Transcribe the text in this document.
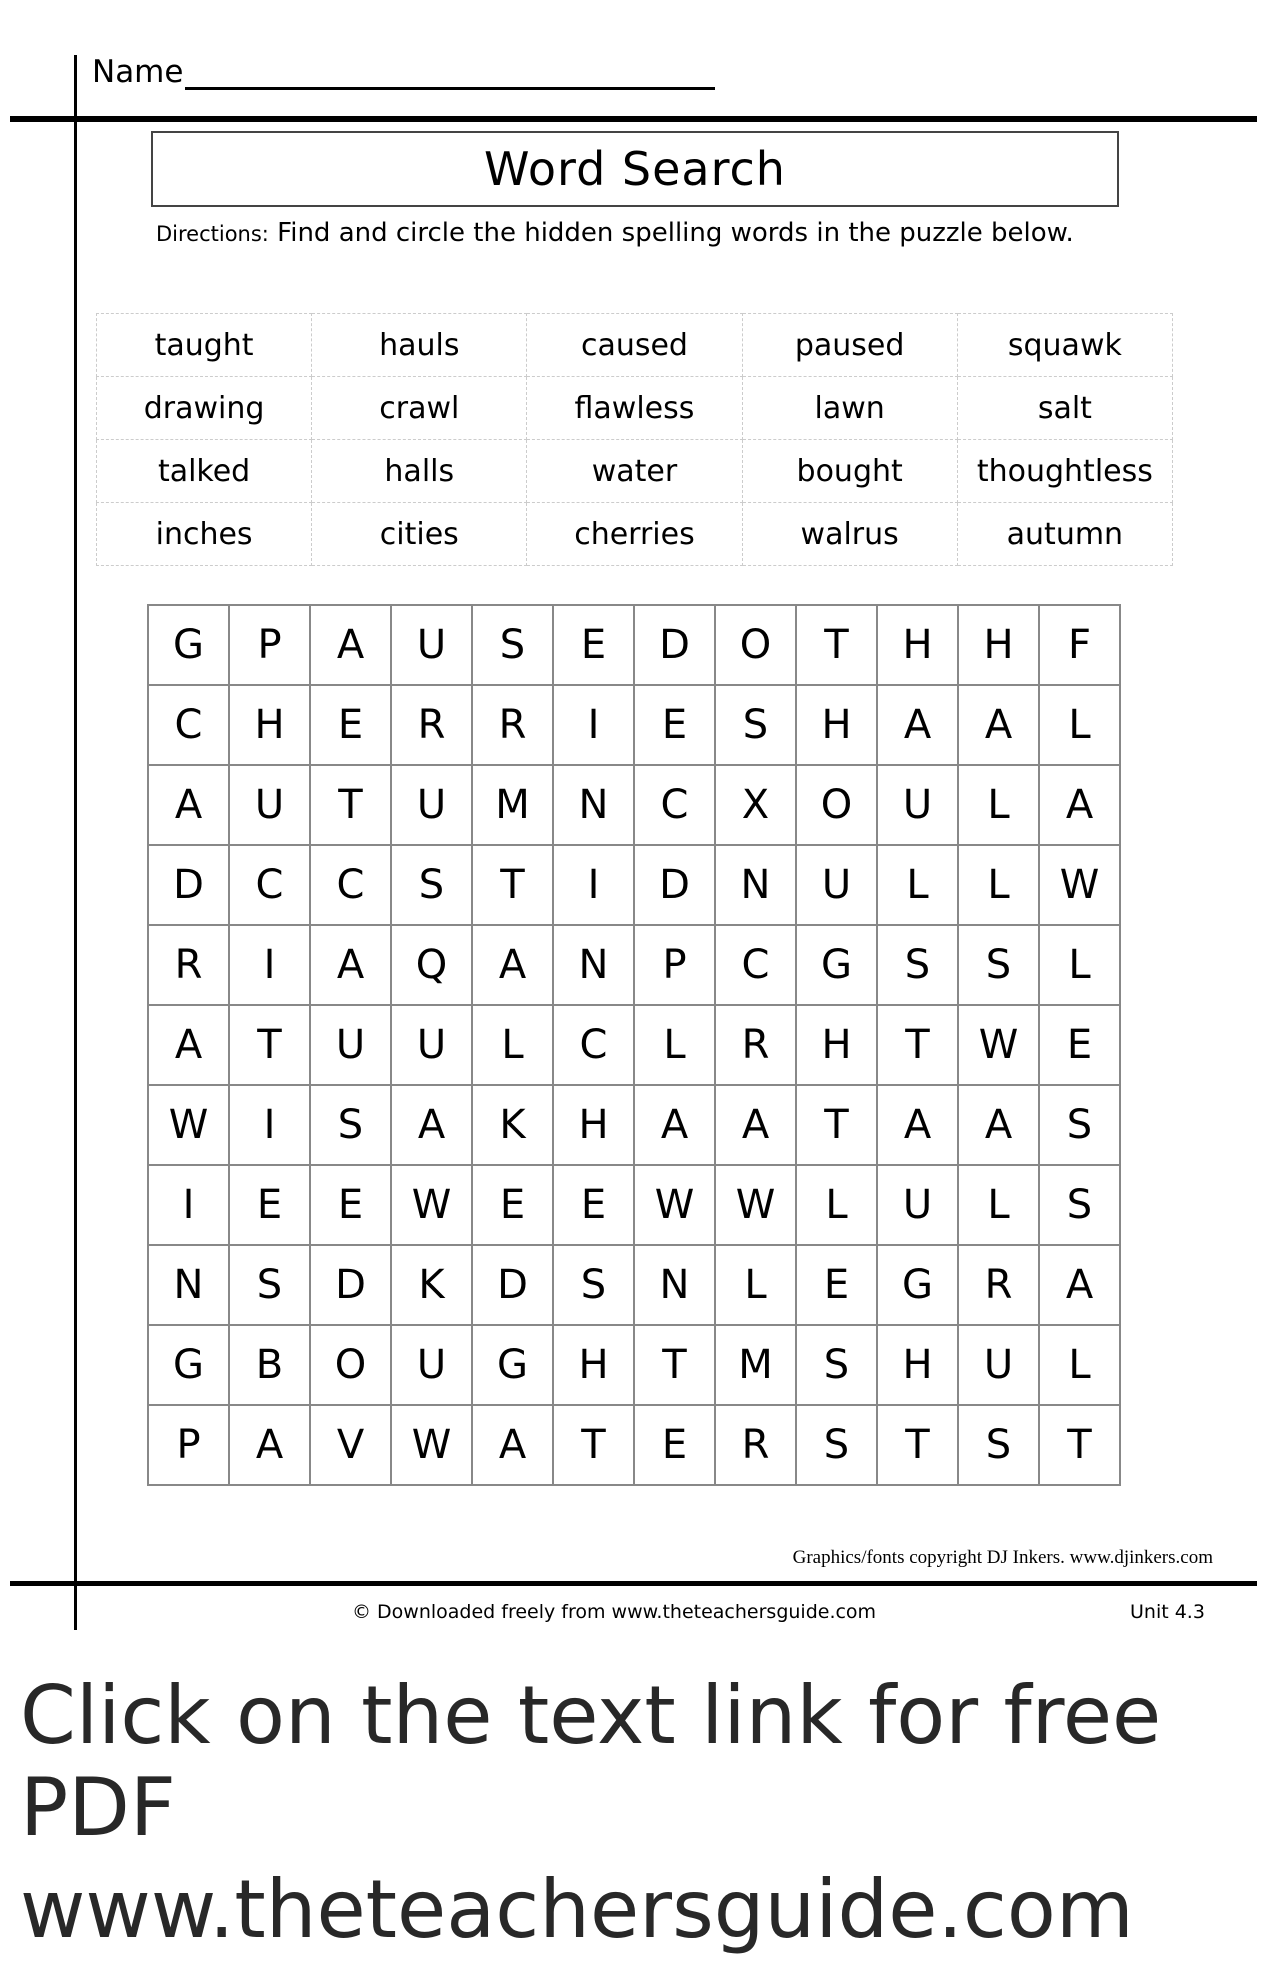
Name
Word Search
Directions: Find and circle the hidden spelling words in the puzzle below.
taught	hauls	caused	paused	squawk
drawing	crawl	flawless	lawn	salt
talked	halls	water	bought	thoughtless
inches	cities	cherries	walrus	autumn
G	P	A	U	S	E	D	O	T	H	H	F
C	H	E	R	R	I	E	S	H	A	A	L
A	U	T	U	M	N	C	X	O	U	L	A
D	C	C	S	T	I	D	N	U	L	L	W
R	I	A	Q	A	N	P	C	G	S	S	L
A	T	U	U	L	C	L	R	H	T	W	E
W	I	S	A	K	H	A	A	T	A	A	S
I	E	E	W	E	E	W	W	L	U	L	S
N	S	D	K	D	S	N	L	E	G	R	A
G	B	O	U	G	H	T	M	S	H	U	L
P	A	V	W	A	T	E	R	S	T	S	T
Graphics/fonts copyright DJ Inkers. www.djinkers.com
© Downloaded freely from www.theteachersguide.com	Unit 4.3
Click on the text link for free PDF
www.theteachersguide.com
